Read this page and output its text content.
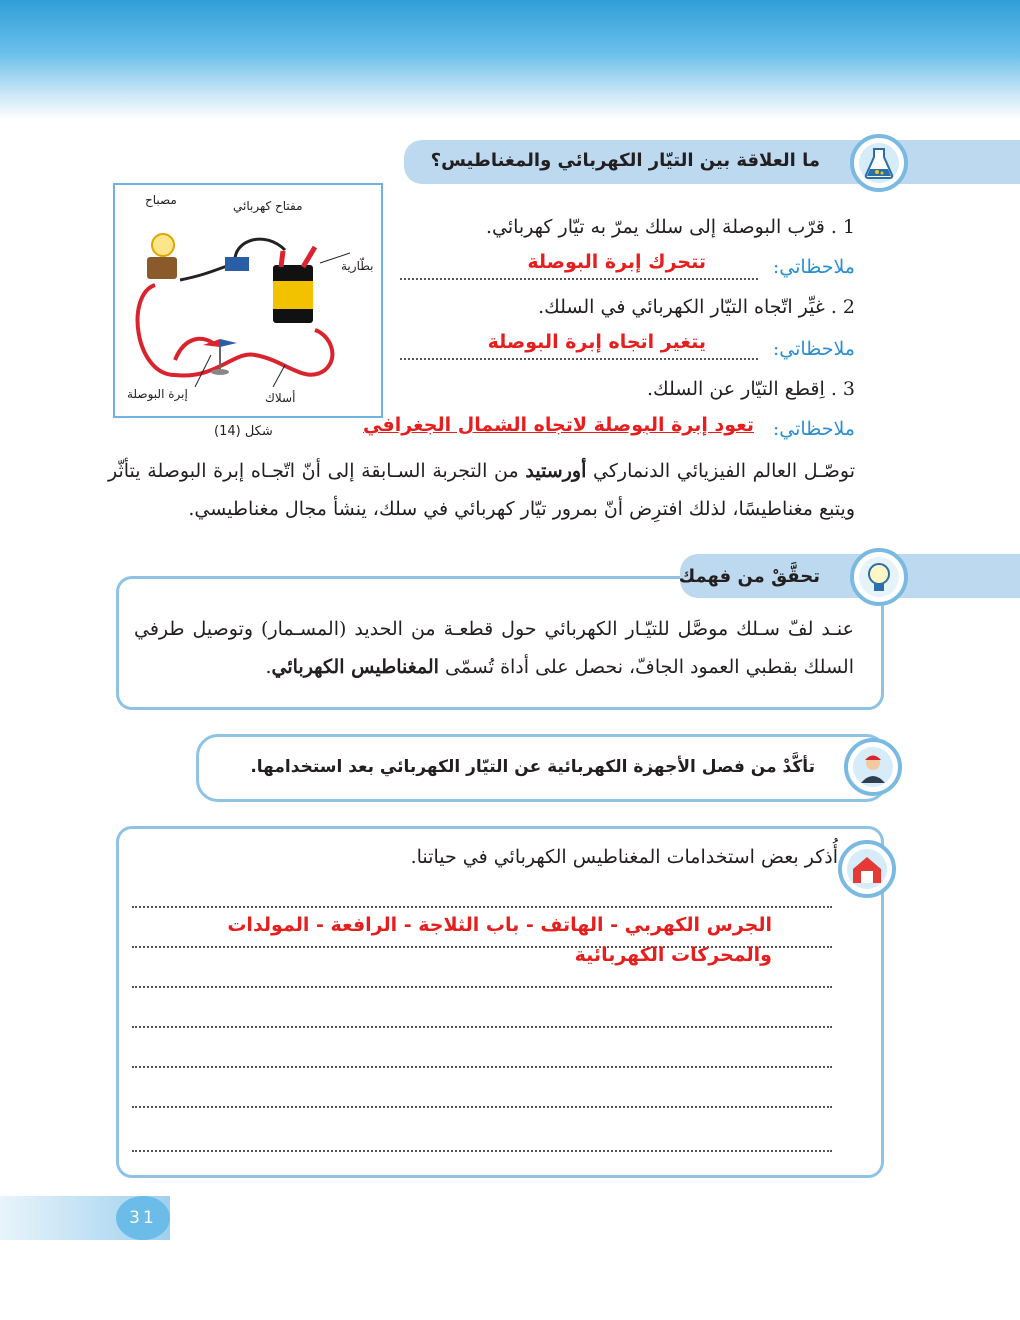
ما العلاقة بين التيّار الكهربائي والمغناطيس؟
مصباح	مفتاح كهربائي
بطّارية
أسلاك
إبرة البوصلة
شكل (14)
1 . قرّب البوصلة إلى سلك يمرّ به تيّار كهربائي.
ملاحظاتي:
تتحرك إبرة البوصلة
2 . غيِّر اتّجاه التيّار الكهربائي في السلك.
ملاحظاتي:
يتغير اتجاه إبرة البوصلة
3 . اِقطع التيّار عن السلك.
ملاحظاتي:
تعود إبرة البوصلة لاتجاه الشمال الجغرافي
توصّـل العالم الفيزيائي الدنماركي أورستيد من التجربة السـابقة إلى أنّ اتّجـاه إبرة البوصلة يتأثّر ويتبع مغناطيسًا، لذلك افترِض أنّ بمرور تيّار كهربائي في سلك، ينشأ مجال مغناطيسي.
تحقَّقْ من فهمك
عنـد لفّ سـلك موصَّل للتيّـار الكهربائي حول قطعـة من الحديد (المسـمار) وتوصيل طرفي السلك بقطبي العمود الجافّ، نحصل على أداة تُسمّى المغناطيس الكهربائي.
تأكَّدْ من فصل الأجهزة الكهربائية عن التيّار الكهربائي بعد استخدامها.
أُذكر بعض استخدامات المغناطيس الكهربائي في حياتنا.
الجرس الكهربي - الهاتف - باب الثلاجة - الرافعة - المولدات
والمحركات الكهربائية
31
